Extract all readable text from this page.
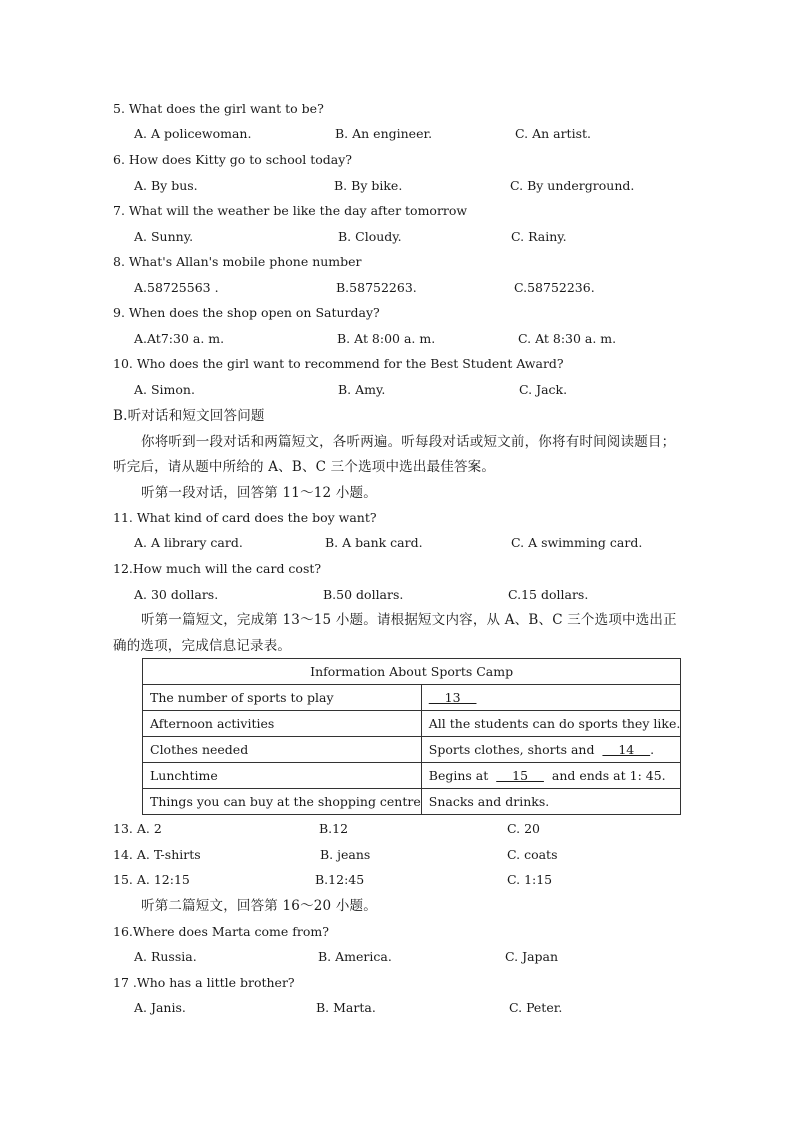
5. What does the girl want to be?
A. A policewoman.	B. An engineer.	C. An artist.
6. How does Kitty go to school today?
A. By bus.	B. By bike.	C. By underground.
7. What will the weather be like the day after tomorrow
A. Sunny.	B. Cloudy.	C. Rainy.
8. What's Allan's mobile phone number
A.58725563 .	B.58752263.	C.58752236.
9. When does the shop open on Saturday?
A.At7:30 a. m.	B. At 8:00 a. m.	C. At 8:30 a. m.
10. Who does the girl want to recommend for the Best Student Award?
A. Simon.	B. Amy.	C. Jack.
B.听对话和短文回答问题
你将听到一段对话和两篇短文，各听两遍。听每段对话或短文前，你将有时间阅读题目；
听完后，请从题中所给的 A、B、C 三个选项中选出最佳答案。
听第一段对话，回答第 11～12 小题。
11. What kind of card does the boy want?
A. A library card.	B. A bank card.	C. A swimming card.
12.How much will the card cost?
A. 30 dollars.	B.50 dollars.	C.15 dollars.
听第一篇短文，完成第 13～15 小题。请根据短文内容，从 A、B、C 三个选项中选出正
确的选项，完成信息记录表。
Information About Sports Camp	
The number of sports to play	13
Afternoon activities	All the students can do sports they like.
Clothes needed	Sports clothes, shorts and      14    .
Lunchtime	Begins at      15      and ends at 1: 45.
Things you can buy at the shopping centre	Snacks and drinks.
13. A. 2	B.12	C. 20
14. A. T-shirts	B. jeans	C. coats
15. A. 12:15	B.12:45	C. 1:15
听第二篇短文，回答第 16～20 小题。
16.Where does Marta come from?
A. Russia.	B. America.	C. Japan
17 .Who has a little brother?
A. Janis.	B. Marta.	C. Peter.
